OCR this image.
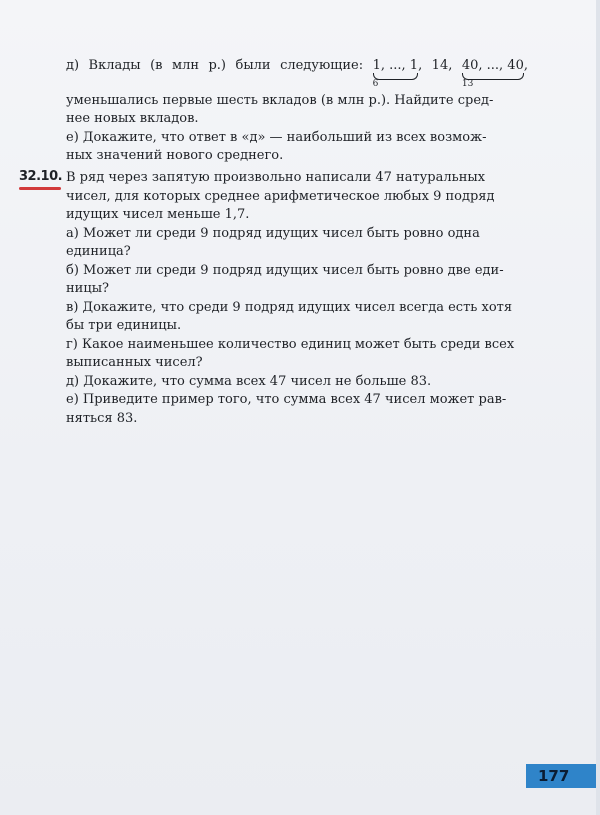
д) Вклады (в млн р.) были следующие: 1, ..., 1
6
, 14, 40, ..., 40
13
,
уменьшались первые шесть вкладов (в млн р.). Найдите сред-
нее новых вкладов.
е) Докажите, что ответ в «д» — наибольший из всех возмож-
ных значений нового среднего.
32.10. В ряд через запятую произвольно написали 47 натуральных
чисел, для которых среднее арифметическое любых 9 подряд
идущих чисел меньше 1,7.
а) Может ли среди 9 подряд идущих чисел быть ровно одна
единица?
б) Может ли среди 9 подряд идущих чисел быть ровно две еди-
ницы?
в) Докажите, что среди 9 подряд идущих чисел всегда есть хотя
бы три единицы.
г) Какое наименьшее количество единиц может быть среди всех
выписанных чисел?
д) Докажите, что сумма всех 47 чисел не больше 83.
е) Приведите пример того, что сумма всех 47 чисел может рав-
няться 83.
177
